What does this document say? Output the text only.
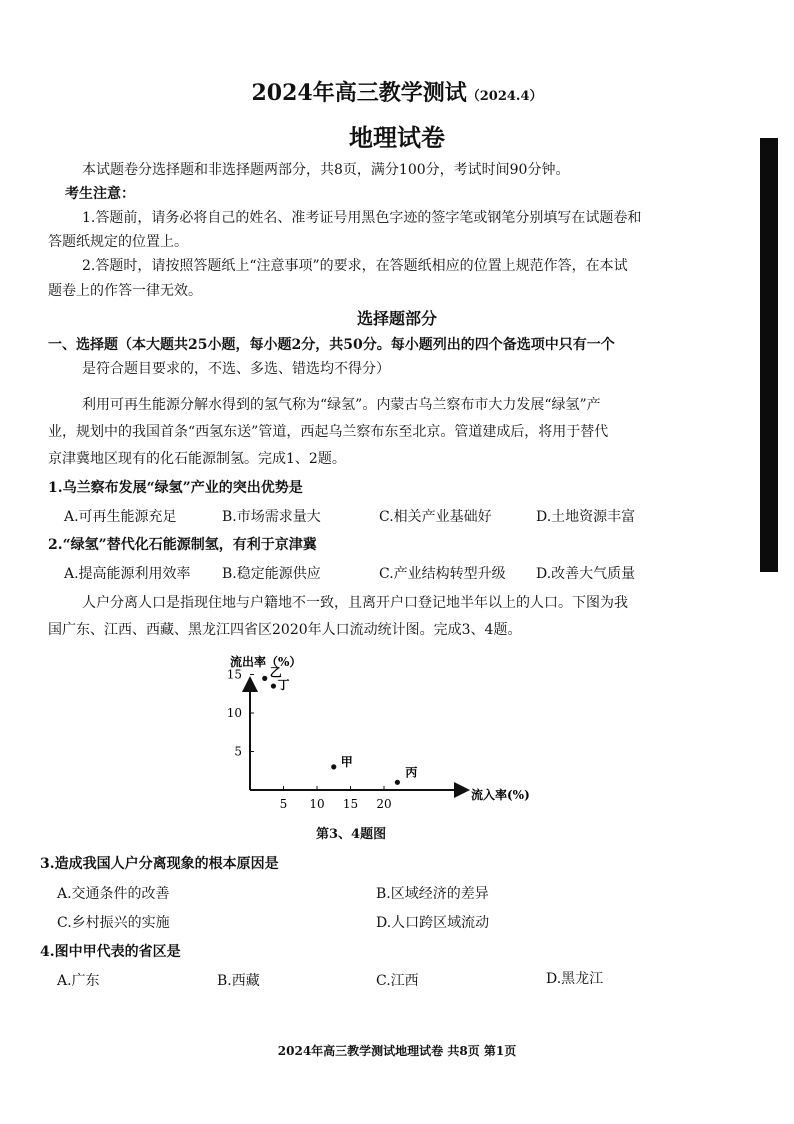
2024年高三教学测试（2024.4）
地理试卷
本试题卷分选择题和非选择题两部分，共8页，满分100分，考试时间90分钟。
考生注意：
1.答题前，请务必将自己的姓名、准考证号用黑色字迹的签字笔或钢笔分别填写在试题卷和
答题纸规定的位置上。
2.答题时，请按照答题纸上“注意事项”的要求，在答题纸相应的位置上规范作答，在本试
题卷上的作答一律无效。
选择题部分
一、选择题（本大题共25小题，每小题2分，共50分。每小题列出的四个备选项中只有一个
是符合题目要求的，不选、多选、错选均不得分）
利用可再生能源分解水得到的氢气称为“绿氢”。内蒙古乌兰察布市大力发展“绿氢”产
业，规划中的我国首条“西氢东送”管道，西起乌兰察布东至北京。管道建成后，将用于替代
京津冀地区现有的化石能源制氢。完成1、2题。
1.乌兰察布发展“绿氢”产业的突出优势是
A.可再生能源充足	B.市场需求量大	C.相关产业基础好	D.土地资源丰富
2.“绿氢”替代化石能源制氢，有利于京津冀
A.提高能源利用效率 B.稳定能源供应	C.产业结构转型升级 D.改善大气质量
人户分离人口是指现住地与户籍地不一致，且离开户口登记地半年以上的人口。下图为我
国广东、江西、西藏、黑龙江四省区2020年人口流动统计图。完成3、4题。
流出率（%）
流入率(%)
5 10 15 20
5
10
15 乙
丁
甲
丙
第3、4题图
3.造成我国人户分离现象的根本原因是
A.交通条件的改善	B.区域经济的差异
C.乡村振兴的实施	D.人口跨区域流动
4.图中甲代表的省区是
A.广东	B.西藏	C.江西	D.黑龙江
2024年高三教学测试地理试卷 共8页 第1页
